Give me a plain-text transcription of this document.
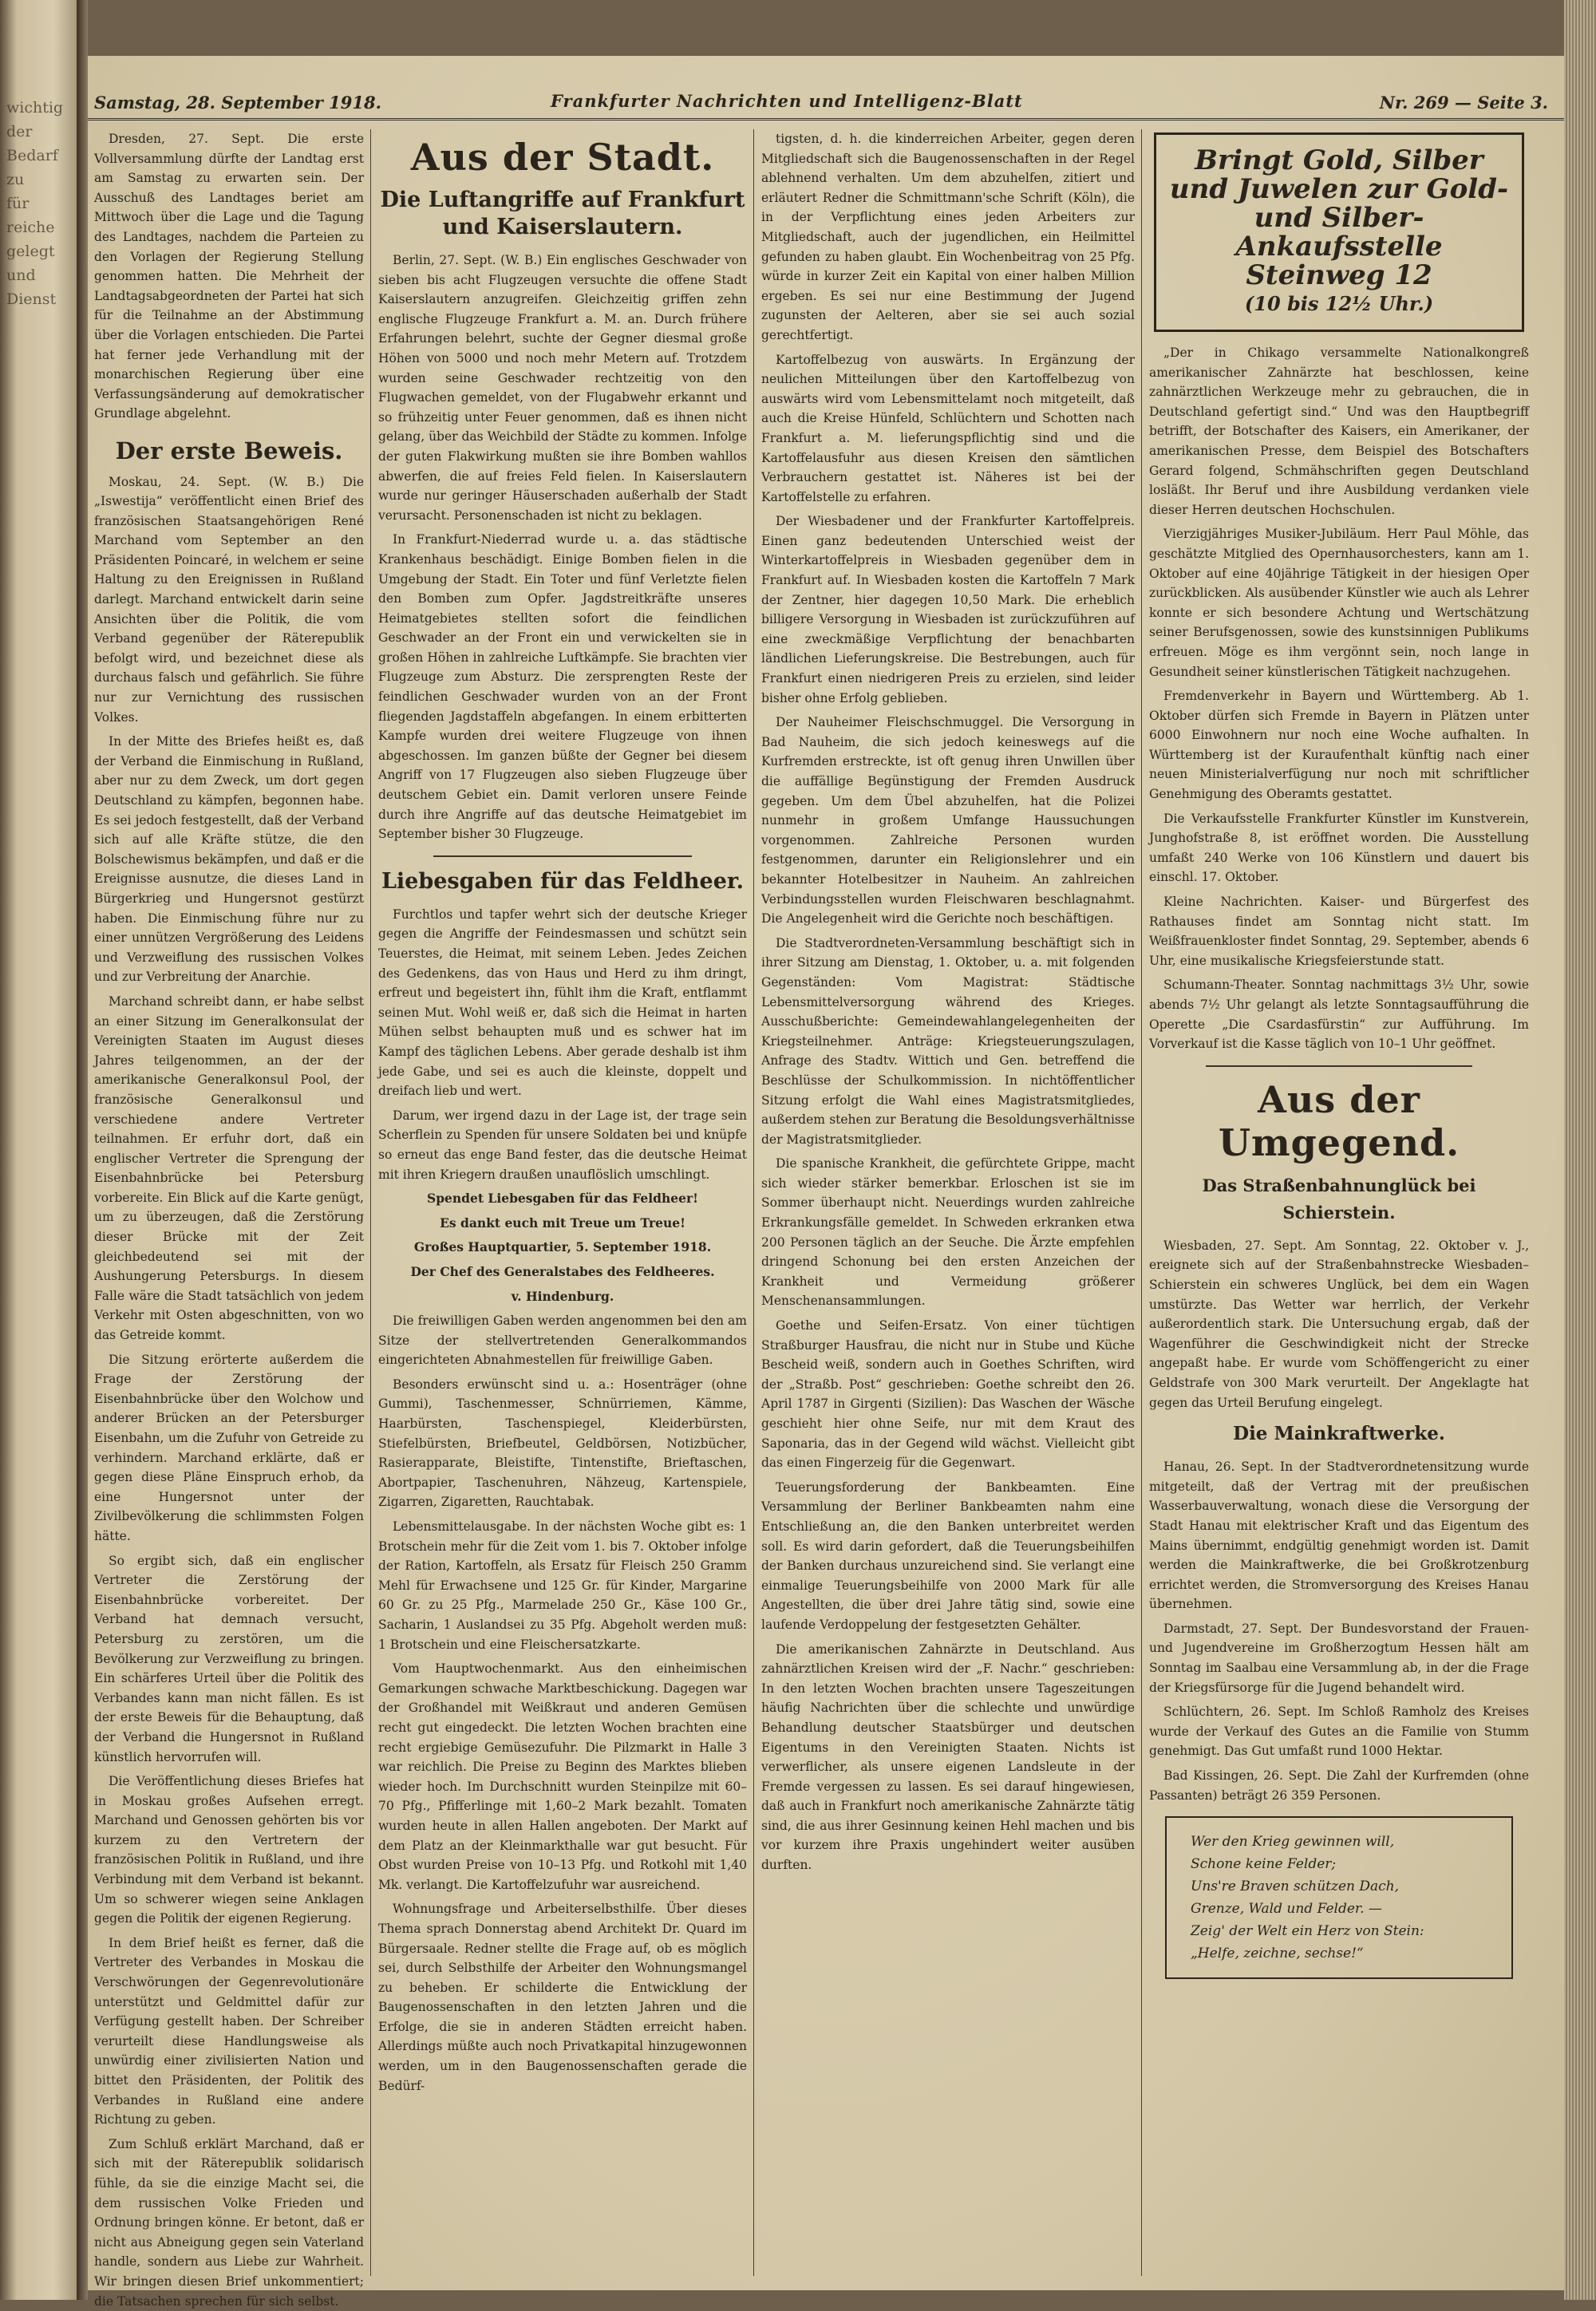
wichtig
der
Bedarf
zu
für
reiche
gelegt
und
Dienst
Samstag, 28. September 1918.	Frankfurter Nachrichten und Intelligenz-Blatt	Nr. 269 — Seite 3.

Dresden, 27. Sept. Die erste Vollversammlung dürfte der Landtag erst am Samstag zu erwarten sein. Der Ausschuß des Landtages beriet am Mittwoch über die Lage und die Tagung des Landtages, nachdem die Parteien zu den Vorlagen der Regierung Stellung genommen hatten. Die Mehrheit der Landtagsabgeordneten der Partei hat sich für die Teilnahme an der Abstimmung über die Vorlagen entschieden. Die Partei hat ferner jede Verhandlung mit der monarchischen Regierung über eine Verfassungsänderung auf demokratischer Grundlage abgelehnt.

Der erste Beweis.

Moskau, 24. Sept. (W. B.) Die „Iswestija“ veröffentlicht einen Brief des französischen Staatsangehörigen René Marchand vom September an den Präsidenten Poincaré, in welchem er seine Haltung zu den Ereignissen in Rußland darlegt. Marchand entwickelt darin seine Ansichten über die Politik, die vom Verband gegenüber der Räterepublik befolgt wird, und bezeichnet diese als durchaus falsch und gefährlich. Sie führe nur zur Vernichtung des russischen Volkes.

In der Mitte des Briefes heißt es, daß der Verband die Einmischung in Rußland, aber nur zu dem Zweck, um dort gegen Deutschland zu kämpfen, begonnen habe. Es sei jedoch festgestellt, daß der Verband sich auf alle Kräfte stütze, die den Bolschewismus bekämpfen, und daß er die Ereignisse ausnutze, die dieses Land in Bürgerkrieg und Hungersnot gestürzt haben. Die Einmischung führe nur zu einer unnützen Vergrößerung des Leidens und Verzweiflung des russischen Volkes und zur Verbreitung der Anarchie.

Marchand schreibt dann, er habe selbst an einer Sitzung im Generalkonsulat der Vereinigten Staaten im August dieses Jahres teilgenommen, an der der amerikanische Generalkonsul Pool, der französische Generalkonsul und verschiedene andere Vertreter teilnahmen. Er erfuhr dort, daß ein englischer Vertreter die Sprengung der Eisenbahnbrücke bei Petersburg vorbereite. Ein Blick auf die Karte genügt, um zu überzeugen, daß die Zerstörung dieser Brücke mit der Zeit gleichbedeutend sei mit der Aushungerung Petersburgs. In diesem Falle wäre die Stadt tatsächlich von jedem Verkehr mit Osten abgeschnitten, von wo das Getreide kommt.

Die Sitzung erörterte außerdem die Frage der Zerstörung der Eisenbahnbrücke über den Wolchow und anderer Brücken an der Petersburger Eisenbahn, um die Zufuhr von Getreide zu verhindern. Marchand erklärte, daß er gegen diese Pläne Einspruch erhob, da eine Hungersnot unter der Zivilbevölkerung die schlimmsten Folgen hätte.

So ergibt sich, daß ein englischer Vertreter die Zerstörung der Eisenbahnbrücke vorbereitet. Der Verband hat demnach versucht, Petersburg zu zerstören, um die Bevölkerung zur Verzweiflung zu bringen. Ein schärferes Urteil über die Politik des Verbandes kann man nicht fällen. Es ist der erste Beweis für die Behauptung, daß der Verband die Hungersnot in Rußland künstlich hervorrufen will.

Die Veröffentlichung dieses Briefes hat in Moskau großes Aufsehen erregt. Marchand und Genossen gehörten bis vor kurzem zu den Vertretern der französischen Politik in Rußland, und ihre Verbindung mit dem Verband ist bekannt. Um so schwerer wiegen seine Anklagen gegen die Politik der eigenen Regierung.

In dem Brief heißt es ferner, daß die Vertreter des Verbandes in Moskau die Verschwörungen der Gegenrevolutionäre unterstützt und Geldmittel dafür zur Verfügung gestellt haben. Der Schreiber verurteilt diese Handlungsweise als unwürdig einer zivilisierten Nation und bittet den Präsidenten, der Politik des Verbandes in Rußland eine andere Richtung zu geben.

Zum Schluß erklärt Marchand, daß er sich mit der Räterepublik solidarisch fühle, da sie die einzige Macht sei, die dem russischen Volke Frieden und Ordnung bringen könne. Er betont, daß er nicht aus Abneigung gegen sein Vaterland handle, sondern aus Liebe zur Wahrheit. Wir bringen diesen Brief unkommentiert; die Tatsachen sprechen für sich selbst.

Aus der Stadt.
Die Luftangriffe auf Frankfurt und Kaiserslautern.

Berlin, 27. Sept. (W. B.) Ein englisches Geschwader von sieben bis acht Flugzeugen versuchte die offene Stadt Kaiserslautern anzugreifen. Gleichzeitig griffen zehn englische Flugzeuge Frankfurt a. M. an. Durch frühere Erfahrungen belehrt, suchte der Gegner diesmal große Höhen von 5000 und noch mehr Metern auf. Trotzdem wurden seine Geschwader rechtzeitig von den Flugwachen gemeldet, von der Flugabwehr erkannt und so frühzeitig unter Feuer genommen, daß es ihnen nicht gelang, über das Weichbild der Städte zu kommen. Infolge der guten Flakwirkung mußten sie ihre Bomben wahllos abwerfen, die auf freies Feld fielen. In Kaiserslautern wurde nur geringer Häuserschaden außerhalb der Stadt verursacht. Personenschaden ist nicht zu beklagen.

In Frankfurt-Niederrad wurde u. a. das städtische Krankenhaus beschädigt. Einige Bomben fielen in die Umgebung der Stadt. Ein Toter und fünf Verletzte fielen den Bomben zum Opfer. Jagdstreitkräfte unseres Heimatgebietes stellten sofort die feindlichen Geschwader an der Front ein und verwickelten sie in großen Höhen in zahlreiche Luftkämpfe. Sie brachten vier Flugzeuge zum Absturz. Die zersprengten Reste der feindlichen Geschwader wurden von an der Front fliegenden Jagdstaffeln abgefangen. In einem erbitterten Kampfe wurden drei weitere Flugzeuge von ihnen abgeschossen. Im ganzen büßte der Gegner bei diesem Angriff von 17 Flugzeugen also sieben Flugzeuge über deutschem Gebiet ein. Damit verloren unsere Feinde durch ihre Angriffe auf das deutsche Heimatgebiet im September bisher 30 Flugzeuge.

Liebesgaben für das Feldheer.

Furchtlos und tapfer wehrt sich der deutsche Krieger gegen die Angriffe der Feindesmassen und schützt sein Teuerstes, die Heimat, mit seinem Leben. Jedes Zeichen des Gedenkens, das von Haus und Herd zu ihm dringt, erfreut und begeistert ihn, fühlt ihm die Kraft, entflammt seinen Mut. Wohl weiß er, daß sich die Heimat in harten Mühen selbst behaupten muß und es schwer hat im Kampf des täglichen Lebens. Aber gerade deshalb ist ihm jede Gabe, und sei es auch die kleinste, doppelt und dreifach lieb und wert.

Darum, wer irgend dazu in der Lage ist, der trage sein Scherflein zu Spenden für unsere Soldaten bei und knüpfe so erneut das enge Band fester, das die deutsche Heimat mit ihren Kriegern draußen unauflöslich umschlingt.

Spendet Liebesgaben für das Feldheer!
Es dankt euch mit Treue um Treue!
Großes Hauptquartier, 5. September 1918.
Der Chef des Generalstabes des Feldheeres.
v. Hindenburg.

Die freiwilligen Gaben werden angenommen bei den am Sitze der stellvertretenden Generalkommandos eingerichteten Abnahmestellen für freiwillige Gaben.

Besonders erwünscht sind u. a.: Hosenträger (ohne Gummi), Taschenmesser, Schnürriemen, Kämme, Haarbürsten, Taschenspiegel, Kleiderbürsten, Stiefelbürsten, Briefbeutel, Geldbörsen, Notizbücher, Rasierapparate, Bleistifte, Tintenstifte, Brieftaschen, Abortpapier, Taschenuhren, Nähzeug, Kartenspiele, Zigarren, Zigaretten, Rauchtabak.

Lebensmittelausgabe. In der nächsten Woche gibt es: 1 Brotschein mehr für die Zeit vom 1. bis 7. Oktober infolge der Ration, Kartoffeln, als Ersatz für Fleisch 250 Gramm Mehl für Erwachsene und 125 Gr. für Kinder, Margarine 60 Gr. zu 25 Pfg., Marmelade 250 Gr., Käse 100 Gr., Sacharin, 1 Auslandsei zu 35 Pfg. Abgeholt werden muß: 1 Brotschein und eine Fleischersatzkarte.

Vom Hauptwochenmarkt. Aus den einheimischen Gemarkungen schwache Marktbeschickung. Dagegen war der Großhandel mit Weißkraut und anderen Gemüsen recht gut eingedeckt. Die letzten Wochen brachten eine recht ergiebige Gemüsezufuhr. Die Pilzmarkt in Halle 3 war reichlich. Die Preise zu Beginn des Marktes blieben wieder hoch. Im Durchschnitt wurden Steinpilze mit 60–70 Pfg., Pfifferlinge mit 1,60–2 Mark bezahlt. Tomaten wurden heute in allen Hallen angeboten. Der Markt auf dem Platz an der Kleinmarkthalle war gut besucht. Für Obst wurden Preise von 10–13 Pfg. und Rotkohl mit 1,40 Mk. verlangt. Die Kartoffelzufuhr war ausreichend.

Wohnungsfrage und Arbeiterselbsthilfe. Über dieses Thema sprach Donnerstag abend Architekt Dr. Quard im Bürgersaale. Redner stellte die Frage auf, ob es möglich sei, durch Selbsthilfe der Arbeiter den Wohnungsmangel zu beheben. Er schilderte die Entwicklung der Baugenossenschaften in den letzten Jahren und die Erfolge, die sie in anderen Städten erreicht haben. Allerdings müßte auch noch Privatkapital hinzugewonnen werden, um in den Baugenossenschaften gerade die Bedürf-

tigsten, d. h. die kinderreichen Arbeiter, gegen deren Mitgliedschaft sich die Baugenossenschaften in der Regel ablehnend verhalten. Um dem abzuhelfen, zitiert und erläutert Redner die Schmittmann'sche Schrift (Köln), die in der Verpflichtung eines jeden Arbeiters zur Mitgliedschaft, auch der jugendlichen, ein Heilmittel gefunden zu haben glaubt. Ein Wochenbeitrag von 25 Pfg. würde in kurzer Zeit ein Kapital von einer halben Million ergeben. Es sei nur eine Bestimmung der Jugend zugunsten der Aelteren, aber sie sei auch sozial gerechtfertigt.

Kartoffelbezug von auswärts. In Ergänzung der neulichen Mitteilungen über den Kartoffelbezug von auswärts wird vom Lebensmittelamt noch mitgeteilt, daß auch die Kreise Hünfeld, Schlüchtern und Schotten nach Frankfurt a. M. lieferungspflichtig sind und die Kartoffelausfuhr aus diesen Kreisen den sämtlichen Verbrauchern gestattet ist. Näheres ist bei der Kartoffelstelle zu erfahren.

Der Wiesbadener und der Frankfurter Kartoffelpreis. Einen ganz bedeutenden Unterschied weist der Winterkartoffelpreis in Wiesbaden gegenüber dem in Frankfurt auf. In Wiesbaden kosten die Kartoffeln 7 Mark der Zentner, hier dagegen 10,50 Mark. Die erheblich billigere Versorgung in Wiesbaden ist zurückzuführen auf eine zweckmäßige Verpflichtung der benachbarten ländlichen Lieferungskreise. Die Bestrebungen, auch für Frankfurt einen niedrigeren Preis zu erzielen, sind leider bisher ohne Erfolg geblieben.

Der Nauheimer Fleischschmuggel. Die Versorgung in Bad Nauheim, die sich jedoch keineswegs auf die Kurfremden erstreckte, ist oft genug ihren Unwillen über die auffällige Begünstigung der Fremden Ausdruck gegeben. Um dem Übel abzuhelfen, hat die Polizei nunmehr in großem Umfange Haussuchungen vorgenommen. Zahlreiche Personen wurden festgenommen, darunter ein Religionslehrer und ein bekannter Hotelbesitzer in Nauheim. An zahlreichen Verbindungsstellen wurden Fleischwaren beschlagnahmt. Die Angelegenheit wird die Gerichte noch beschäftigen.

Die Stadtverordneten-Versammlung beschäftigt sich in ihrer Sitzung am Dienstag, 1. Oktober, u. a. mit folgenden Gegenständen: Vom Magistrat: Städtische Lebensmittelversorgung während des Krieges. Ausschußberichte: Gemeindewahlangelegenheiten der Kriegsteilnehmer. Anträge: Kriegsteuerungszulagen, Anfrage des Stadtv. Wittich und Gen. betreffend die Beschlüsse der Schulkommission. In nichtöffentlicher Sitzung erfolgt die Wahl eines Magistratsmitgliedes, außerdem stehen zur Beratung die Besoldungsverhältnisse der Magistratsmitglieder.

Die spanische Krankheit, die gefürchtete Grippe, macht sich wieder stärker bemerkbar. Erloschen ist sie im Sommer überhaupt nicht. Neuerdings wurden zahlreiche Erkrankungsfälle gemeldet. In Schweden erkranken etwa 200 Personen täglich an der Seuche. Die Ärzte empfehlen dringend Schonung bei den ersten Anzeichen der Krankheit und Vermeidung größerer Menschenansammlungen.

Goethe und Seifen-Ersatz. Von einer tüchtigen Straßburger Hausfrau, die nicht nur in Stube und Küche Bescheid weiß, sondern auch in Goethes Schriften, wird der „Straßb. Post“ geschrieben: Goethe schreibt den 26. April 1787 in Girgenti (Sizilien): Das Waschen der Wäsche geschieht hier ohne Seife, nur mit dem Kraut des Saponaria, das in der Gegend wild wächst. Vielleicht gibt das einen Fingerzeig für die Gegenwart.

Teuerungsforderung der Bankbeamten. Eine Versammlung der Berliner Bankbeamten nahm eine Entschließung an, die den Banken unterbreitet werden soll. Es wird darin gefordert, daß die Teuerungsbeihilfen der Banken durchaus unzureichend sind. Sie verlangt eine einmalige Teuerungsbeihilfe von 2000 Mark für alle Angestellten, die über drei Jahre tätig sind, sowie eine laufende Verdoppelung der festgesetzten Gehälter.

Die amerikanischen Zahnärzte in Deutschland. Aus zahnärztlichen Kreisen wird der „F. Nachr.“ geschrieben: In den letzten Wochen brachten unsere Tageszeitungen häufig Nachrichten über die schlechte und unwürdige Behandlung deutscher Staatsbürger und deutschen Eigentums in den Vereinigten Staaten. Nichts ist verwerflicher, als unsere eigenen Landsleute in der Fremde vergessen zu lassen. Es sei darauf hingewiesen, daß auch in Frankfurt noch amerikanische Zahnärzte tätig sind, die aus ihrer Gesinnung keinen Hehl machen und bis vor kurzem ihre Praxis ungehindert weiter ausüben durften.

Bringt Gold, Silber und Juwelen zur Gold- und Silber-Ankaufsstelle Steinweg 12
(10 bis 12½ Uhr.)

„Der in Chikago versammelte Nationalkongreß amerikanischer Zahnärzte hat beschlossen, keine zahnärztlichen Werkzeuge mehr zu gebrauchen, die in Deutschland gefertigt sind.“ Und was den Hauptbegriff betrifft, der Botschafter des Kaisers, ein Amerikaner, der amerikanischen Presse, dem Beispiel des Botschafters Gerard folgend, Schmähschriften gegen Deutschland losläßt. Ihr Beruf und ihre Ausbildung verdanken viele dieser Herren deutschen Hochschulen.

Vierzigjähriges Musiker-Jubiläum. Herr Paul Möhle, das geschätzte Mitglied des Opernhausorchesters, kann am 1. Oktober auf eine 40jährige Tätigkeit in der hiesigen Oper zurückblicken. Als ausübender Künstler wie auch als Lehrer konnte er sich besondere Achtung und Wertschätzung seiner Berufsgenossen, sowie des kunstsinnigen Publikums erfreuen. Möge es ihm vergönnt sein, noch lange in Gesundheit seiner künstlerischen Tätigkeit nachzugehen.

Fremdenverkehr in Bayern und Württemberg. Ab 1. Oktober dürfen sich Fremde in Bayern in Plätzen unter 6000 Einwohnern nur noch eine Woche aufhalten. In Württemberg ist der Kuraufenthalt künftig nach einer neuen Ministerialverfügung nur noch mit schriftlicher Genehmigung des Oberamts gestattet.

Die Verkaufsstelle Frankfurter Künstler im Kunstverein, Junghofstraße 8, ist eröffnet worden. Die Ausstellung umfaßt 240 Werke von 106 Künstlern und dauert bis einschl. 17. Oktober.

Kleine Nachrichten. Kaiser- und Bürgerfest des Rathauses findet am Sonntag nicht statt. Im Weißfrauenkloster findet Sonntag, 29. September, abends 6 Uhr, eine musikalische Kriegsfeierstunde statt.

Schumann-Theater. Sonntag nachmittags 3½ Uhr, sowie abends 7½ Uhr gelangt als letzte Sonntagsaufführung die Operette „Die Csardasfürstin“ zur Aufführung. Im Vorverkauf ist die Kasse täglich von 10–1 Uhr geöffnet.

Aus der Umgegend.
Das Straßenbahnunglück bei Schierstein.

Wiesbaden, 27. Sept. Am Sonntag, 22. Oktober v. J., ereignete sich auf der Straßenbahnstrecke Wiesbaden–Schierstein ein schweres Unglück, bei dem ein Wagen umstürzte. Das Wetter war herrlich, der Verkehr außerordentlich stark. Die Untersuchung ergab, daß der Wagenführer die Geschwindigkeit nicht der Strecke angepaßt habe. Er wurde vom Schöffengericht zu einer Geldstrafe von 300 Mark verurteilt. Der Angeklagte hat gegen das Urteil Berufung eingelegt.

Die Mainkraftwerke.

Hanau, 26. Sept. In der Stadtverordnetensitzung wurde mitgeteilt, daß der Vertrag mit der preußischen Wasserbauverwaltung, wonach diese die Versorgung der Stadt Hanau mit elektrischer Kraft und das Eigentum des Mains übernimmt, endgültig genehmigt worden ist. Damit werden die Mainkraftwerke, die bei Großkrotzenburg errichtet werden, die Stromversorgung des Kreises Hanau übernehmen.

Darmstadt, 27. Sept. Der Bundesvorstand der Frauen- und Jugendvereine im Großherzogtum Hessen hält am Sonntag im Saalbau eine Versammlung ab, in der die Frage der Kriegsfürsorge für die Jugend behandelt wird.

Schlüchtern, 26. Sept. Im Schloß Ramholz des Kreises wurde der Verkauf des Gutes an die Familie von Stumm genehmigt. Das Gut umfaßt rund 1000 Hektar.

Bad Kissingen, 26. Sept. Die Zahl der Kurfremden (ohne Passanten) beträgt 26 359 Personen.

Wer den Krieg gewinnen will,
Schone keine Felder;
Uns're Braven schützen Dach,
Grenze, Wald und Felder. —
Zeig' der Welt ein Herz von Stein:
„Helfe, zeichne, sechse!“
